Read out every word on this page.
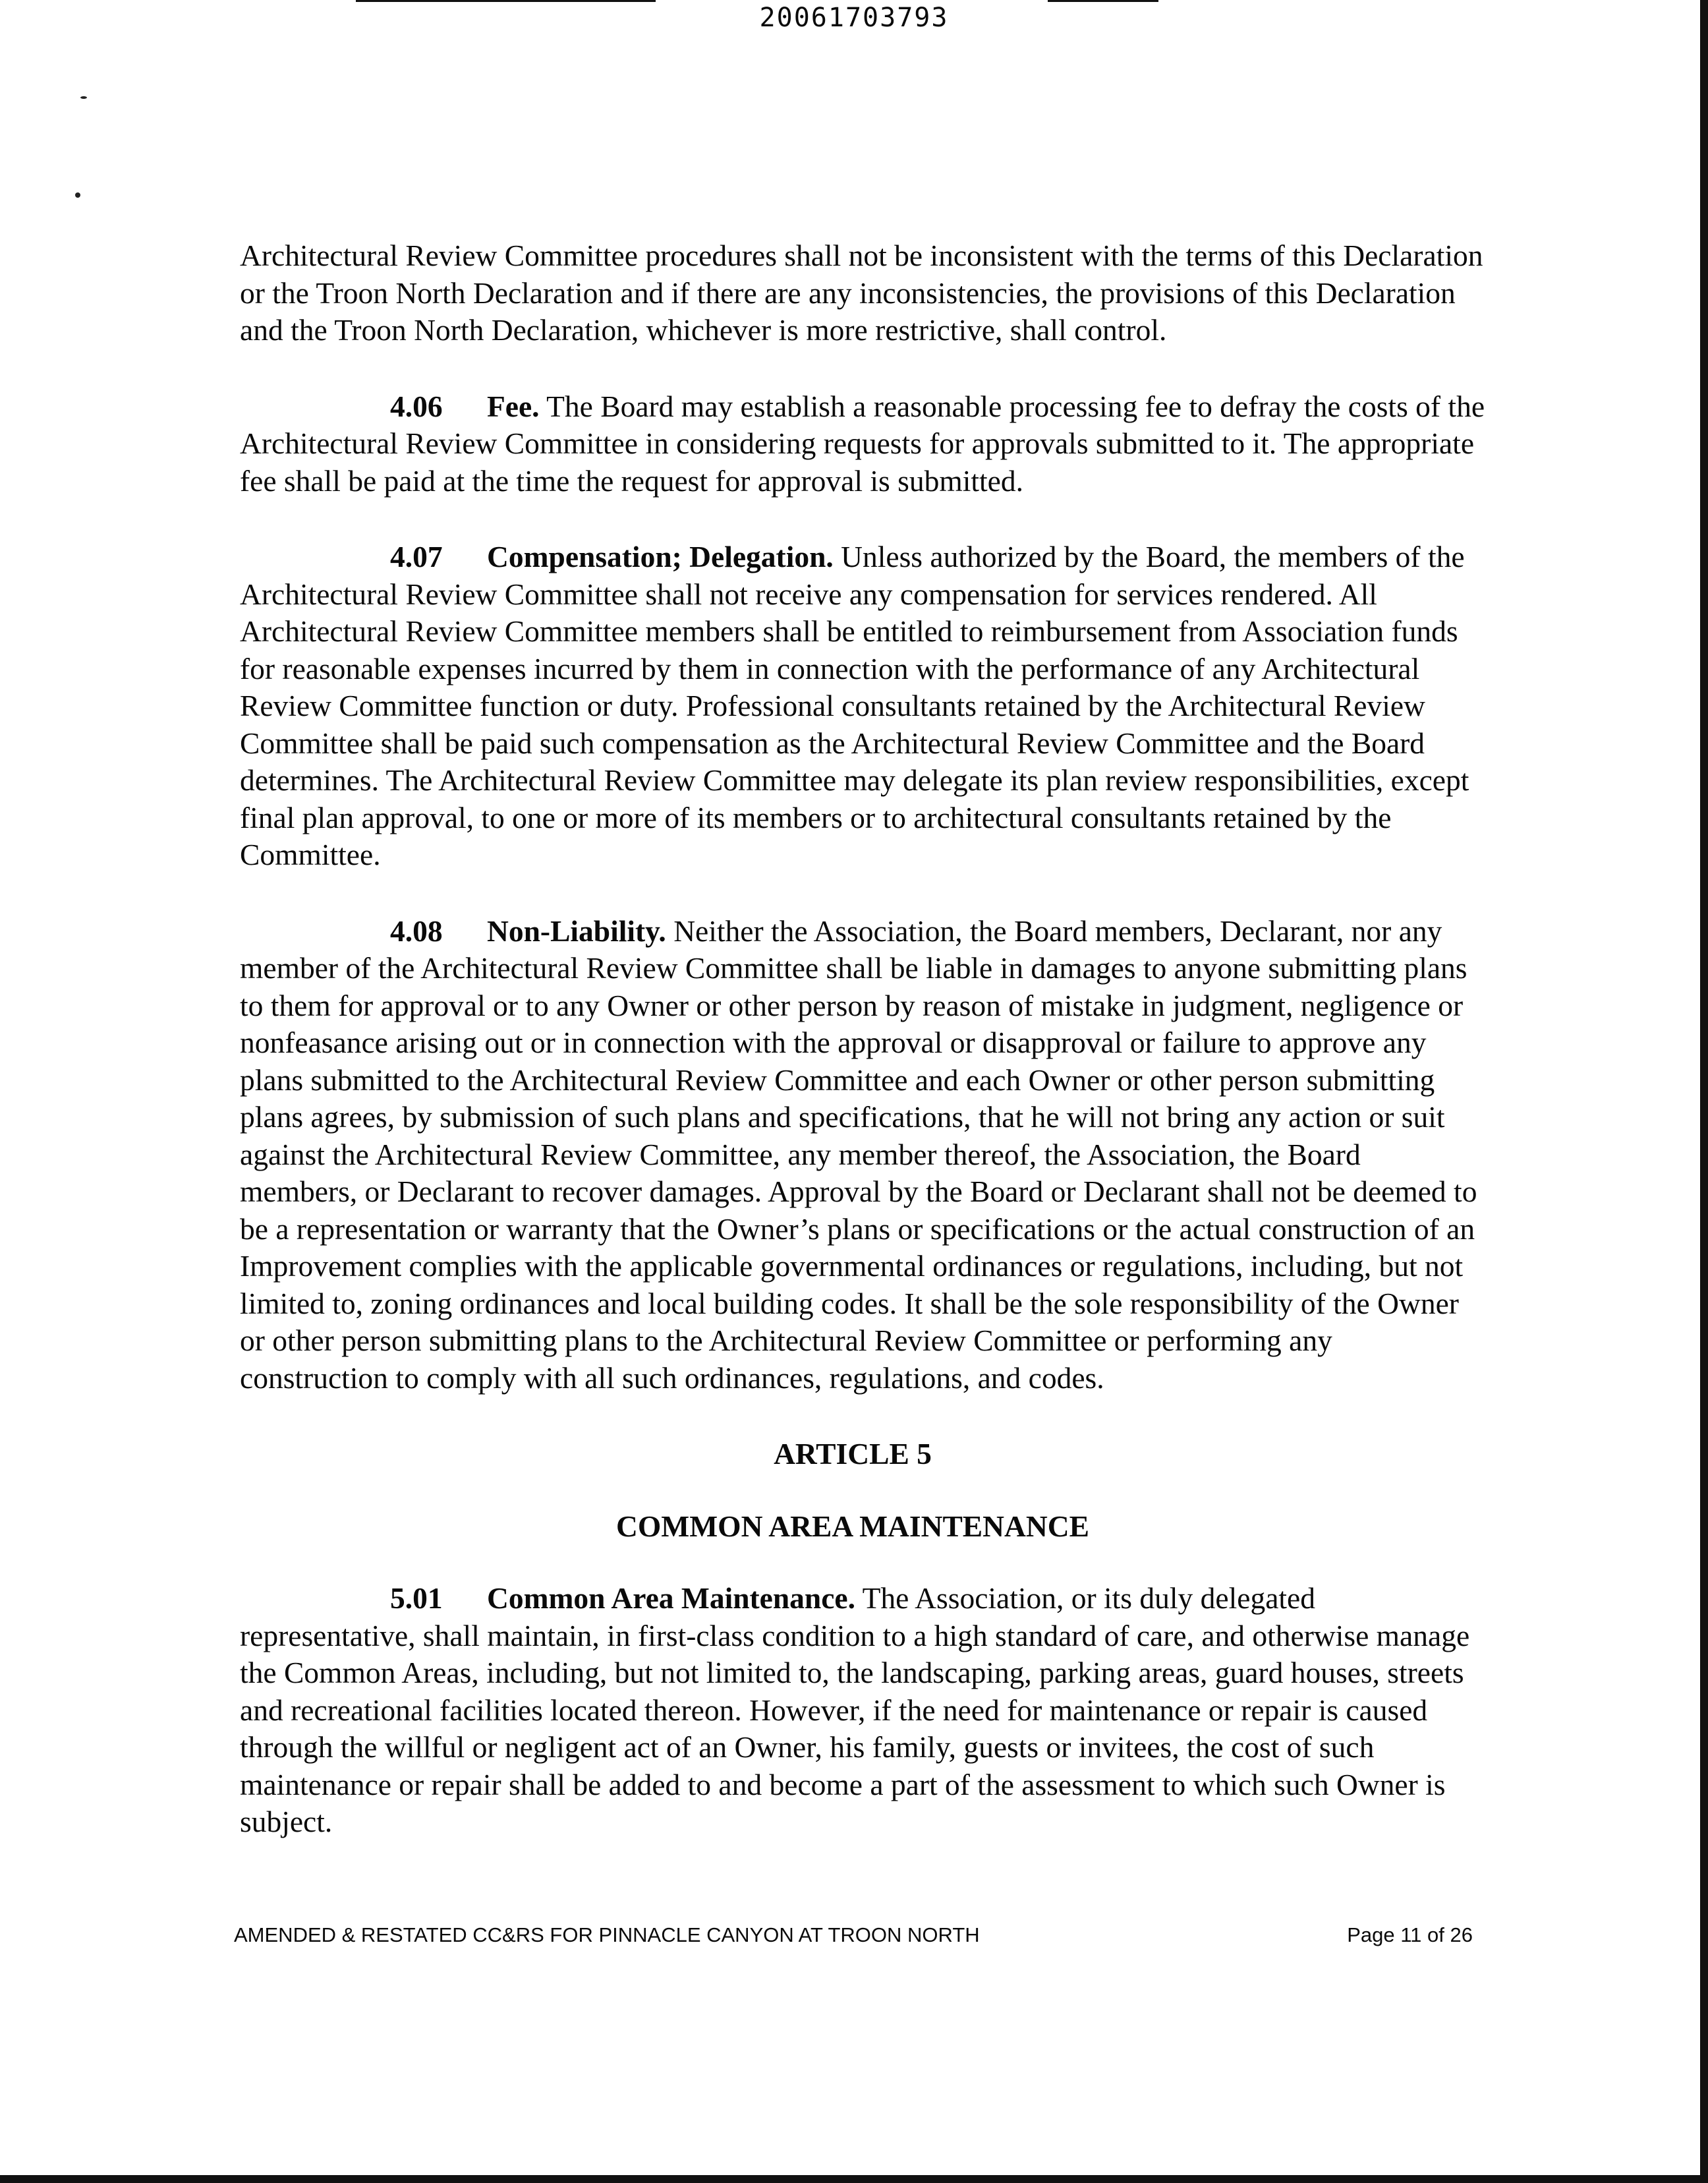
20061703793

Architectural Review Committee procedures shall not be inconsistent with the terms of this Declaration or the Troon North Declaration and if there are any inconsistencies, the provisions of this Declaration and the Troon North Declaration, whichever is more restrictive, shall control.

4.06 Fee. The Board may establish a reasonable processing fee to defray the costs of the Architectural Review Committee in considering requests for approvals submitted to it. The appropriate fee shall be paid at the time the request for approval is submitted.

4.07 Compensation; Delegation. Unless authorized by the Board, the members of the Architectural Review Committee shall not receive any compensation for services rendered. All Architectural Review Committee members shall be entitled to reimbursement from Association funds for reasonable expenses incurred by them in connection with the performance of any Architectural Review Committee function or duty. Professional consultants retained by the Architectural Review Committee shall be paid such compensation as the Architectural Review Committee and the Board determines. The Architectural Review Committee may delegate its plan review responsibilities, except final plan approval, to one or more of its members or to architectural consultants retained by the Committee.

4.08 Non-Liability. Neither the Association, the Board members, Declarant, nor any member of the Architectural Review Committee shall be liable in damages to anyone submitting plans to them for approval or to any Owner or other person by reason of mistake in judgment, negligence or nonfeasance arising out or in connection with the approval or disapproval or failure to approve any plans submitted to the Architectural Review Committee and each Owner or other person submitting plans agrees, by submission of such plans and specifications, that he will not bring any action or suit against the Architectural Review Committee, any member thereof, the Association, the Board members, or Declarant to recover damages. Approval by the Board or Declarant shall not be deemed to be a representation or warranty that the Owner’s plans or specifications or the actual construction of an Improvement complies with the applicable governmental ordinances or regulations, including, but not limited to, zoning ordinances and local building codes. It shall be the sole responsibility of the Owner or other person submitting plans to the Architectural Review Committee or performing any construction to comply with all such ordinances, regulations, and codes.

ARTICLE 5
COMMON AREA MAINTENANCE

5.01 Common Area Maintenance. The Association, or its duly delegated representative, shall maintain, in first-class condition to a high standard of care, and otherwise manage the Common Areas, including, but not limited to, the landscaping, parking areas, guard houses, streets and recreational facilities located thereon. However, if the need for maintenance or repair is caused through the willful or negligent act of an Owner, his family, guests or invitees, the cost of such maintenance or repair shall be added to and become a part of the assessment to which such Owner is subject.

AMENDED & RESTATED CC&RS FOR PINNACLE CANYON AT TROON NORTH	Page 11 of 26
